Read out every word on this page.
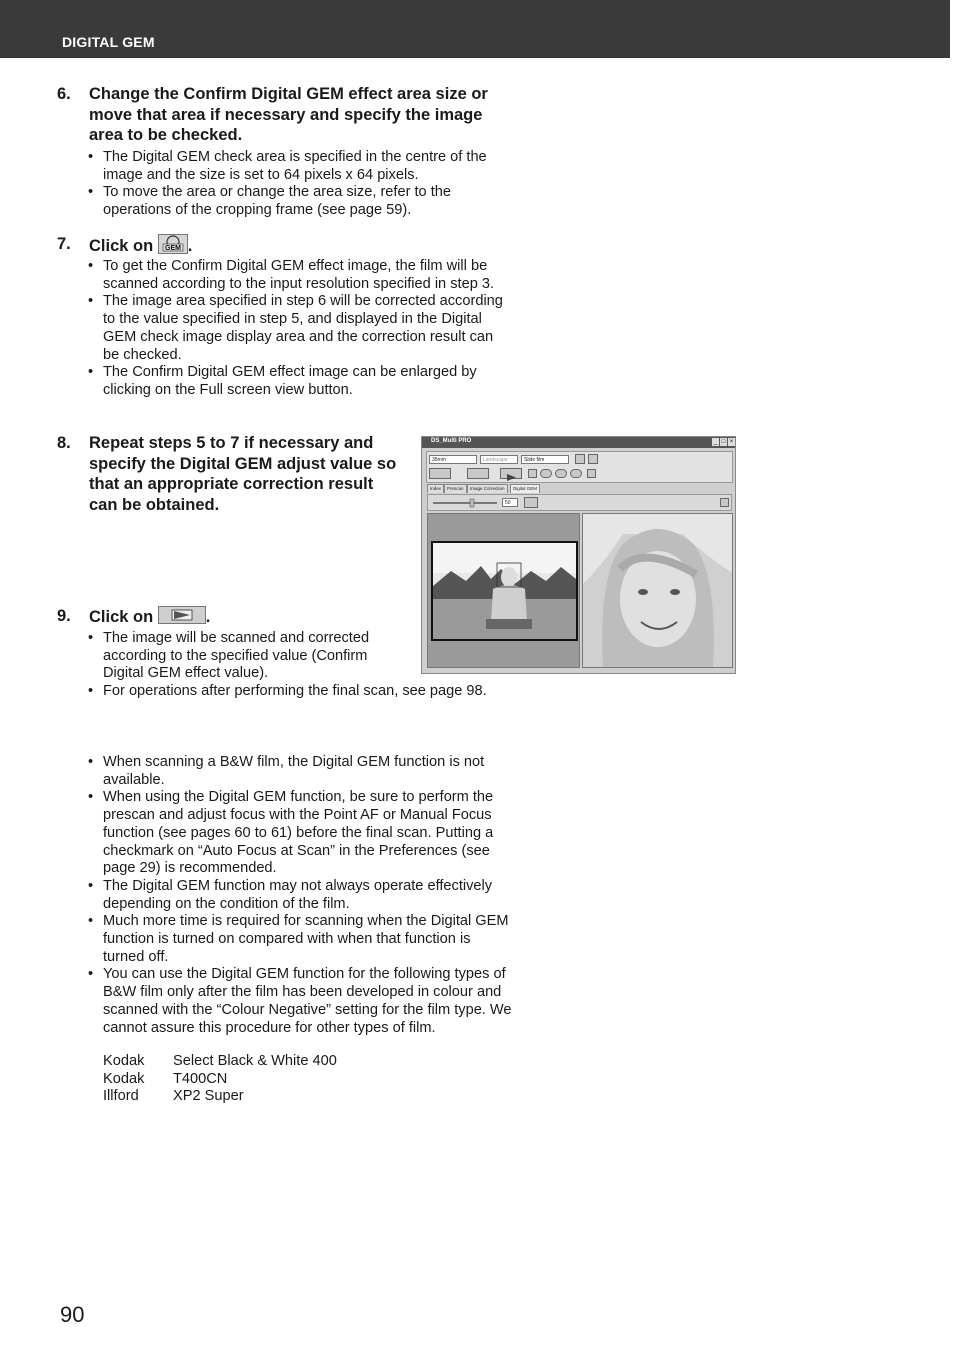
DIGITAL GEM
6. Change the Confirm Digital GEM effect area size or move that area if necessary and specify the image area to be checked.
• The Digital GEM check area is specified in the centre of the image and the size is set to 64 pixels x 64 pixels.
• To move the area or change the area size, refer to the operations of the cropping frame (see page 59).
7. Click on GEM .
• To get the Confirm Digital GEM effect image, the film will be scanned according to the input resolution specified in step 3.
• The image area specified in step 6 will be corrected according to the value specified in step 5, and displayed in the Digital GEM check image display area and the correction result can be checked.
• The Confirm Digital GEM effect image can be enlarged by clicking on the Full screen view button.
8. Repeat steps 5 to 7 if necessary and specify the Digital GEM adjust value so that an appropriate correction result can be obtained.
9. Click on	.
• The image will be scanned and corrected according to the specified value (Confirm Digital GEM effect value).
• For operations after performing the final scan, see page 98.
• When scanning a B&W film, the Digital GEM function is not available.
• When using the Digital GEM function, be sure to perform the prescan and adjust focus with the Point AF or Manual Focus function (see pages 60 to 61) before the final scan. Putting a checkmark on “Auto Focus at Scan” in the Preferences (see page 29) is recommended.
• The Digital GEM function may not always operate effectively depending on the condition of the film.
• Much more time is required for scanning when the Digital GEM function is turned on compared with when that function is turned off.
• You can use the Digital GEM function for the following types of B&W film only after the film has been developed in colour and scanned with the “Colour Negative” setting for the film type. We cannot assure this procedure for other types of film.
Kodak Select Black & White 400
Kodak T400CN
Illford XP2 Super
DS_Multi PRO	_ □ ×
35mm	Landscape	Slide film
Index	Prescan	Image Correction	Digital GEM
50
90
